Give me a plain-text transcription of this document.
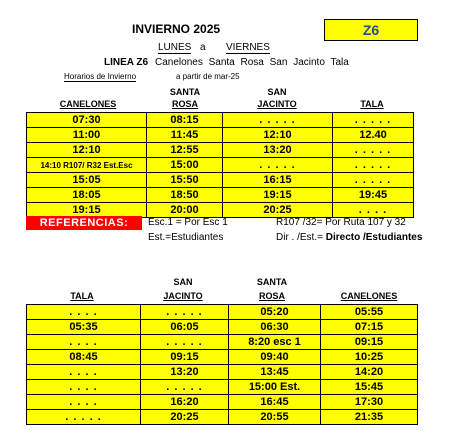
INVIERNO 2025	Z6
LUNES a VIERNES
LINEA Z6 Canelones Santa Rosa San Jacinto Tala
Horarios de Invierno	a partir de mar-25
SANTA	SAN
CANELONES	ROSA	JACINTO	TALA
07:30	08:15	. . . . .	. . . . .
11:00	11:45	12:10	12.40
12:10	12:55	13:20	. . . . .
14:10 R107/ R32 Est.Esc	15:00	. . . . .	. . . . .
15:05	15:50	16:15	. . . . .
18:05	18:50	19:15	19:45
19:15	20:00	20:25	. . . .
REFERENCIAS:	Esc.1 = Por Esc 1	R107 /32= Por Ruta 107 y 32
Est.=Estudiantes	Dir . /Est.= Directo /Estudiantes
SAN	SANTA
TALA	JACINTO	ROSA	CANELONES
. . . .	. . . . .	05:20	05:55
05:35	06:05	06:30	07:15
. . . .	. . . . .	8:20 esc 1	09:15
08:45	09:15	09:40	10:25
. . . .	13:20	13:45	14:20
. . . .	. . . . .	15:00 Est.	15:45
. . . .	16:20	16:45	17:30
. . . . .	20:25	20:55	21:35
